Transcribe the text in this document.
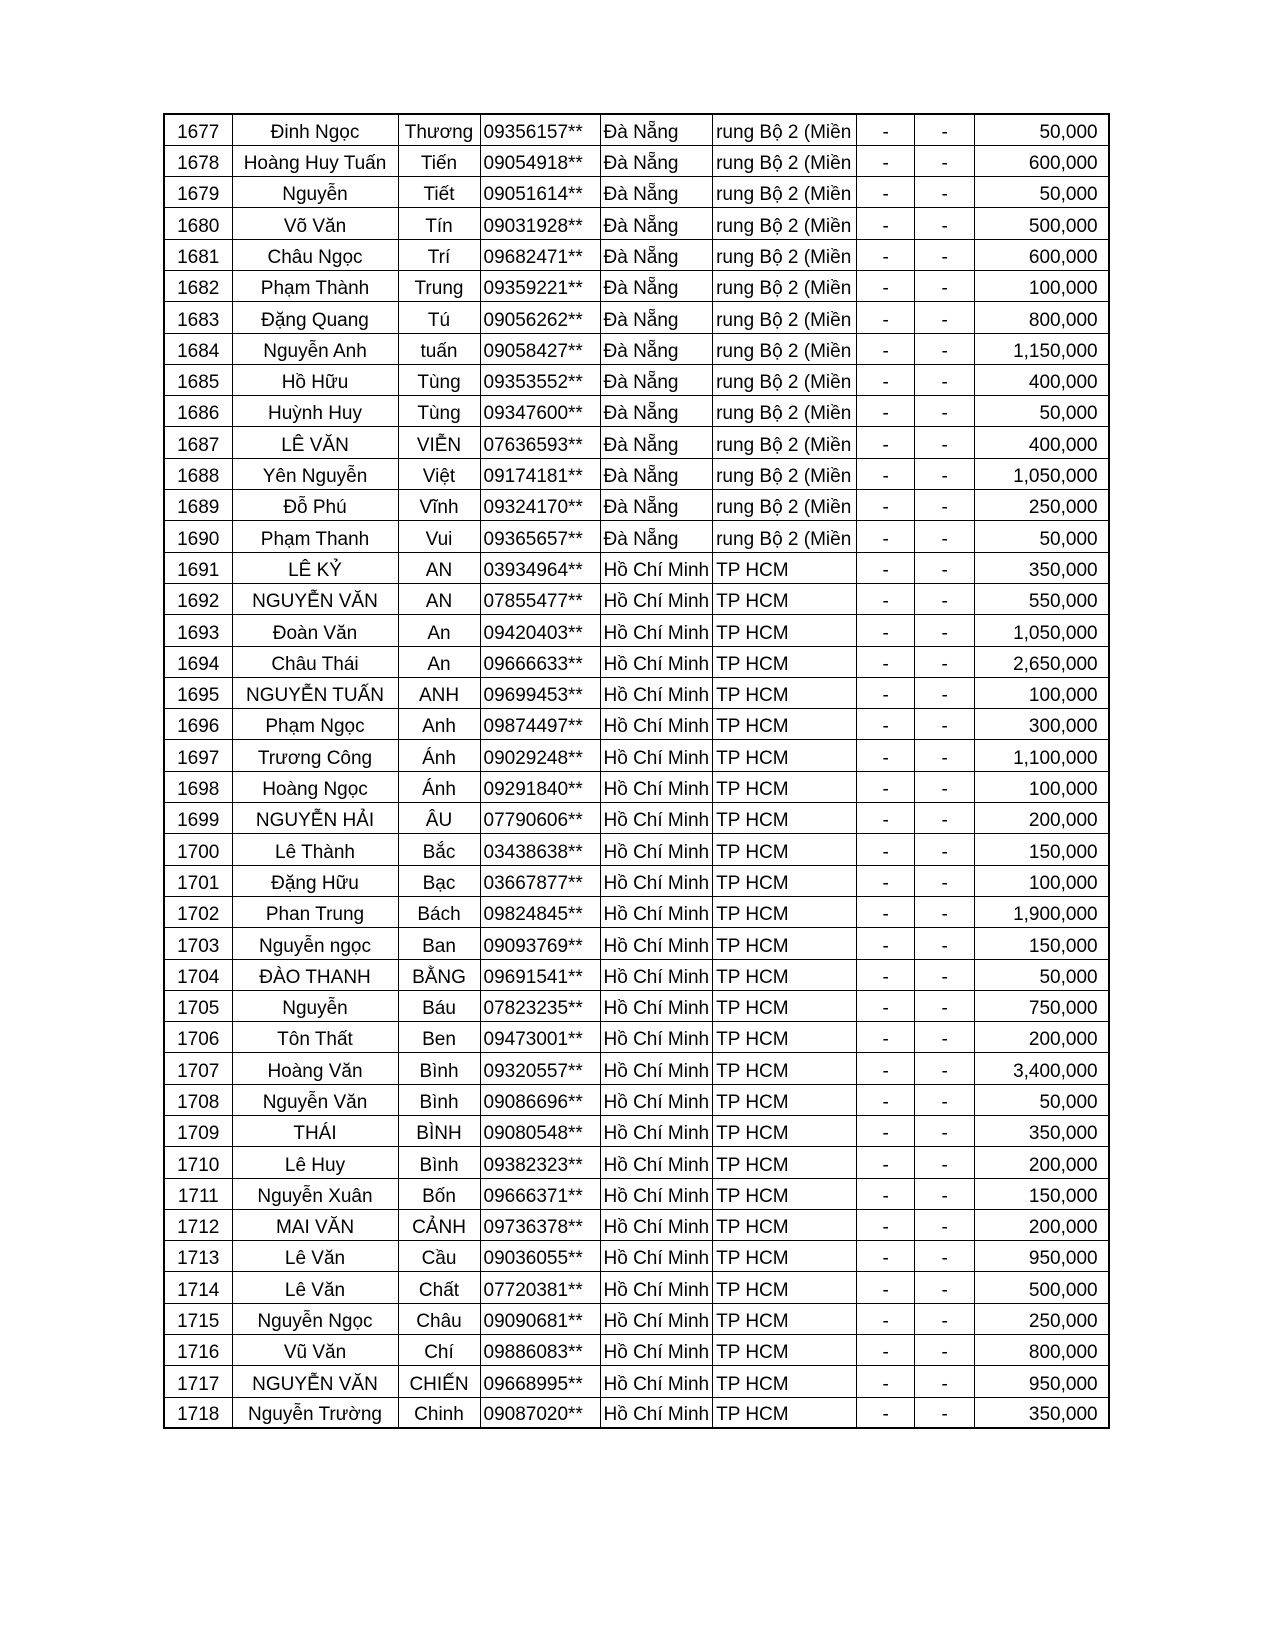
1677	Đinh Ngọc	Thương	09356157**	Đà Nẵng	rung Bộ 2 (Miền	-	-	50,000
1678	Hoàng Huy Tuấn	Tiến	09054918**	Đà Nẵng	rung Bộ 2 (Miền	-	-	600,000
1679	Nguyễn	Tiết	09051614**	Đà Nẵng	rung Bộ 2 (Miền	-	-	50,000
1680	Võ Văn	Tín	09031928**	Đà Nẵng	rung Bộ 2 (Miền	-	-	500,000
1681	Châu Ngọc	Trí	09682471**	Đà Nẵng	rung Bộ 2 (Miền	-	-	600,000
1682	Phạm Thành	Trung	09359221**	Đà Nẵng	rung Bộ 2 (Miền	-	-	100,000
1683	Đặng Quang	Tú	09056262**	Đà Nẵng	rung Bộ 2 (Miền	-	-	800,000
1684	Nguyễn Anh	tuấn	09058427**	Đà Nẵng	rung Bộ 2 (Miền	-	-	1,150,000
1685	Hồ Hữu	Tùng	09353552**	Đà Nẵng	rung Bộ 2 (Miền	-	-	400,000
1686	Huỳnh Huy	Tùng	09347600**	Đà Nẵng	rung Bộ 2 (Miền	-	-	50,000
1687	LÊ VĂN	VIỄN	07636593**	Đà Nẵng	rung Bộ 2 (Miền	-	-	400,000
1688	Yên Nguyễn	Việt	09174181**	Đà Nẵng	rung Bộ 2 (Miền	-	-	1,050,000
1689	Đỗ Phú	Vĩnh	09324170**	Đà Nẵng	rung Bộ 2 (Miền	-	-	250,000
1690	Phạm Thanh	Vui	09365657**	Đà Nẵng	rung Bộ 2 (Miền	-	-	50,000
1691	LÊ KỶ	AN	03934964**	Hồ Chí Minh	TP HCM	-	-	350,000
1692	NGUYỄN VĂN	AN	07855477**	Hồ Chí Minh	TP HCM	-	-	550,000
1693	Đoàn Văn	An	09420403**	Hồ Chí Minh	TP HCM	-	-	1,050,000
1694	Châu Thái	An	09666633**	Hồ Chí Minh	TP HCM	-	-	2,650,000
1695	NGUYỄN TUẤN	ANH	09699453**	Hồ Chí Minh	TP HCM	-	-	100,000
1696	Phạm Ngọc	Anh	09874497**	Hồ Chí Minh	TP HCM	-	-	300,000
1697	Trương Công	Ánh	09029248**	Hồ Chí Minh	TP HCM	-	-	1,100,000
1698	Hoàng Ngọc	Ánh	09291840**	Hồ Chí Minh	TP HCM	-	-	100,000
1699	NGUYỄN HẢI	ÂU	07790606**	Hồ Chí Minh	TP HCM	-	-	200,000
1700	Lê Thành	Bắc	03438638**	Hồ Chí Minh	TP HCM	-	-	150,000
1701	Đặng Hữu	Bạc	03667877**	Hồ Chí Minh	TP HCM	-	-	100,000
1702	Phan Trung	Bách	09824845**	Hồ Chí Minh	TP HCM	-	-	1,900,000
1703	Nguyễn ngọc	Ban	09093769**	Hồ Chí Minh	TP HCM	-	-	150,000
1704	ĐÀO THANH	BẰNG	09691541**	Hồ Chí Minh	TP HCM	-	-	50,000
1705	Nguyễn	Báu	07823235**	Hồ Chí Minh	TP HCM	-	-	750,000
1706	Tôn Thất	Ben	09473001**	Hồ Chí Minh	TP HCM	-	-	200,000
1707	Hoàng Văn	Bình	09320557**	Hồ Chí Minh	TP HCM	-	-	3,400,000
1708	Nguyễn Văn	Bình	09086696**	Hồ Chí Minh	TP HCM	-	-	50,000
1709	THÁI	BÌNH	09080548**	Hồ Chí Minh	TP HCM	-	-	350,000
1710	Lê Huy	Bình	09382323**	Hồ Chí Minh	TP HCM	-	-	200,000
1711	Nguyễn Xuân	Bốn	09666371**	Hồ Chí Minh	TP HCM	-	-	150,000
1712	MAI VĂN	CẢNH	09736378**	Hồ Chí Minh	TP HCM	-	-	200,000
1713	Lê Văn	Cầu	09036055**	Hồ Chí Minh	TP HCM	-	-	950,000
1714	Lê Văn	Chất	07720381**	Hồ Chí Minh	TP HCM	-	-	500,000
1715	Nguyễn Ngọc	Châu	09090681**	Hồ Chí Minh	TP HCM	-	-	250,000
1716	Vũ Văn	Chí	09886083**	Hồ Chí Minh	TP HCM	-	-	800,000
1717	NGUYỄN VĂN	CHIẾN	09668995**	Hồ Chí Minh	TP HCM	-	-	950,000
1718	Nguyễn Trường	Chinh	09087020**	Hồ Chí Minh	TP HCM	-	-	350,000
